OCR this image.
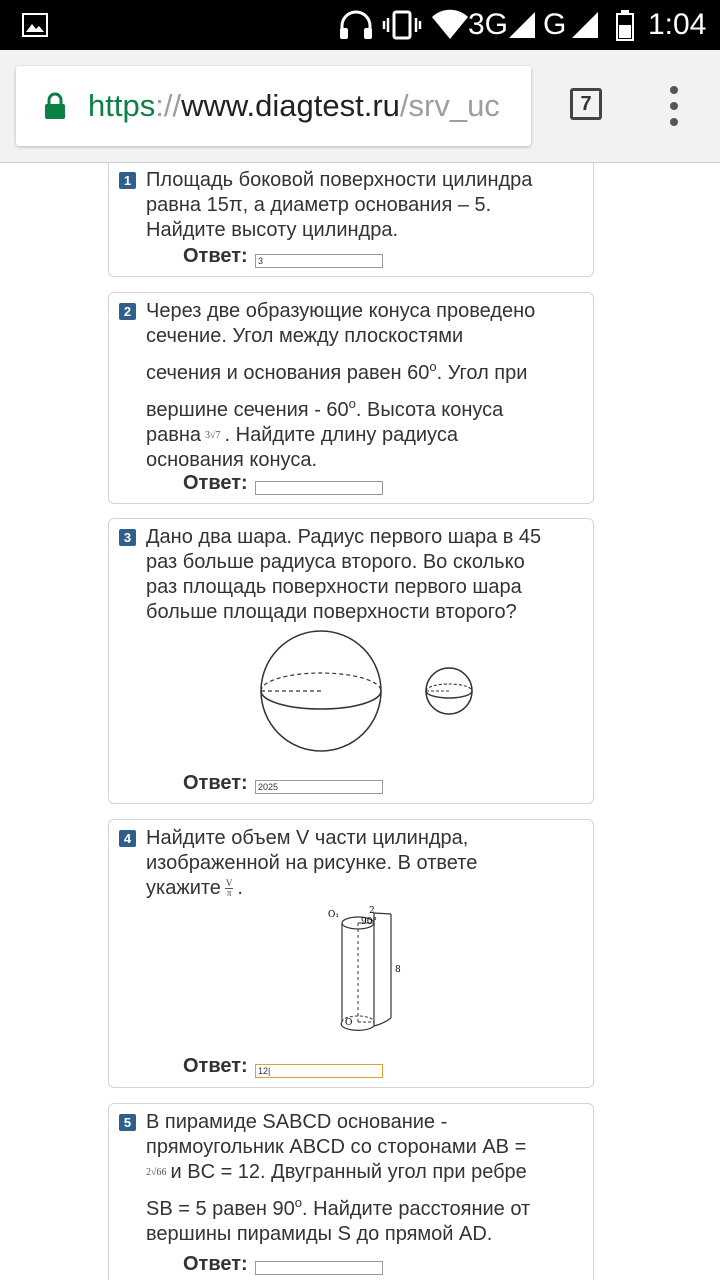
3G G	1:04
https://www.diagtest.ru/srv_uc	7
1 Площадь боковой поверхности цилиндра
равна 15π, а диаметр основания – 5.
Найдите высоту цилиндра.
Ответ:	3
2 Через две образующие конуса проведено
сечение. Угол между плоскостями
сечения и основания равен 60$^o$. Угол при
вершине сечения - 60$^o$. Высота конуса
равна 3√7 . Найдите длину радиуса
основания конуса.
Ответ:
3 Дано два шара. Радиус первого шара в 45
раз больше радиуса второго. Во сколько
раз площадь поверхности первого шара
больше площади поверхности второго?
Ответ:	2025
4 Найдите объем V части цилиндра,
изображенной на рисунке. В ответе
укажите $\frac{V}{\pi}$ .
O₁	2
90°
8
O
Ответ:	12|
5 В пирамиде SABCD основание -
прямоугольник ABCD со сторонами AB =
2√66 и BC = 12. Двугранный угол при ребре
SB = 5 равен 90$^o$. Найдите расстояние от
вершины пирамиды S до прямой AD.
Ответ:
